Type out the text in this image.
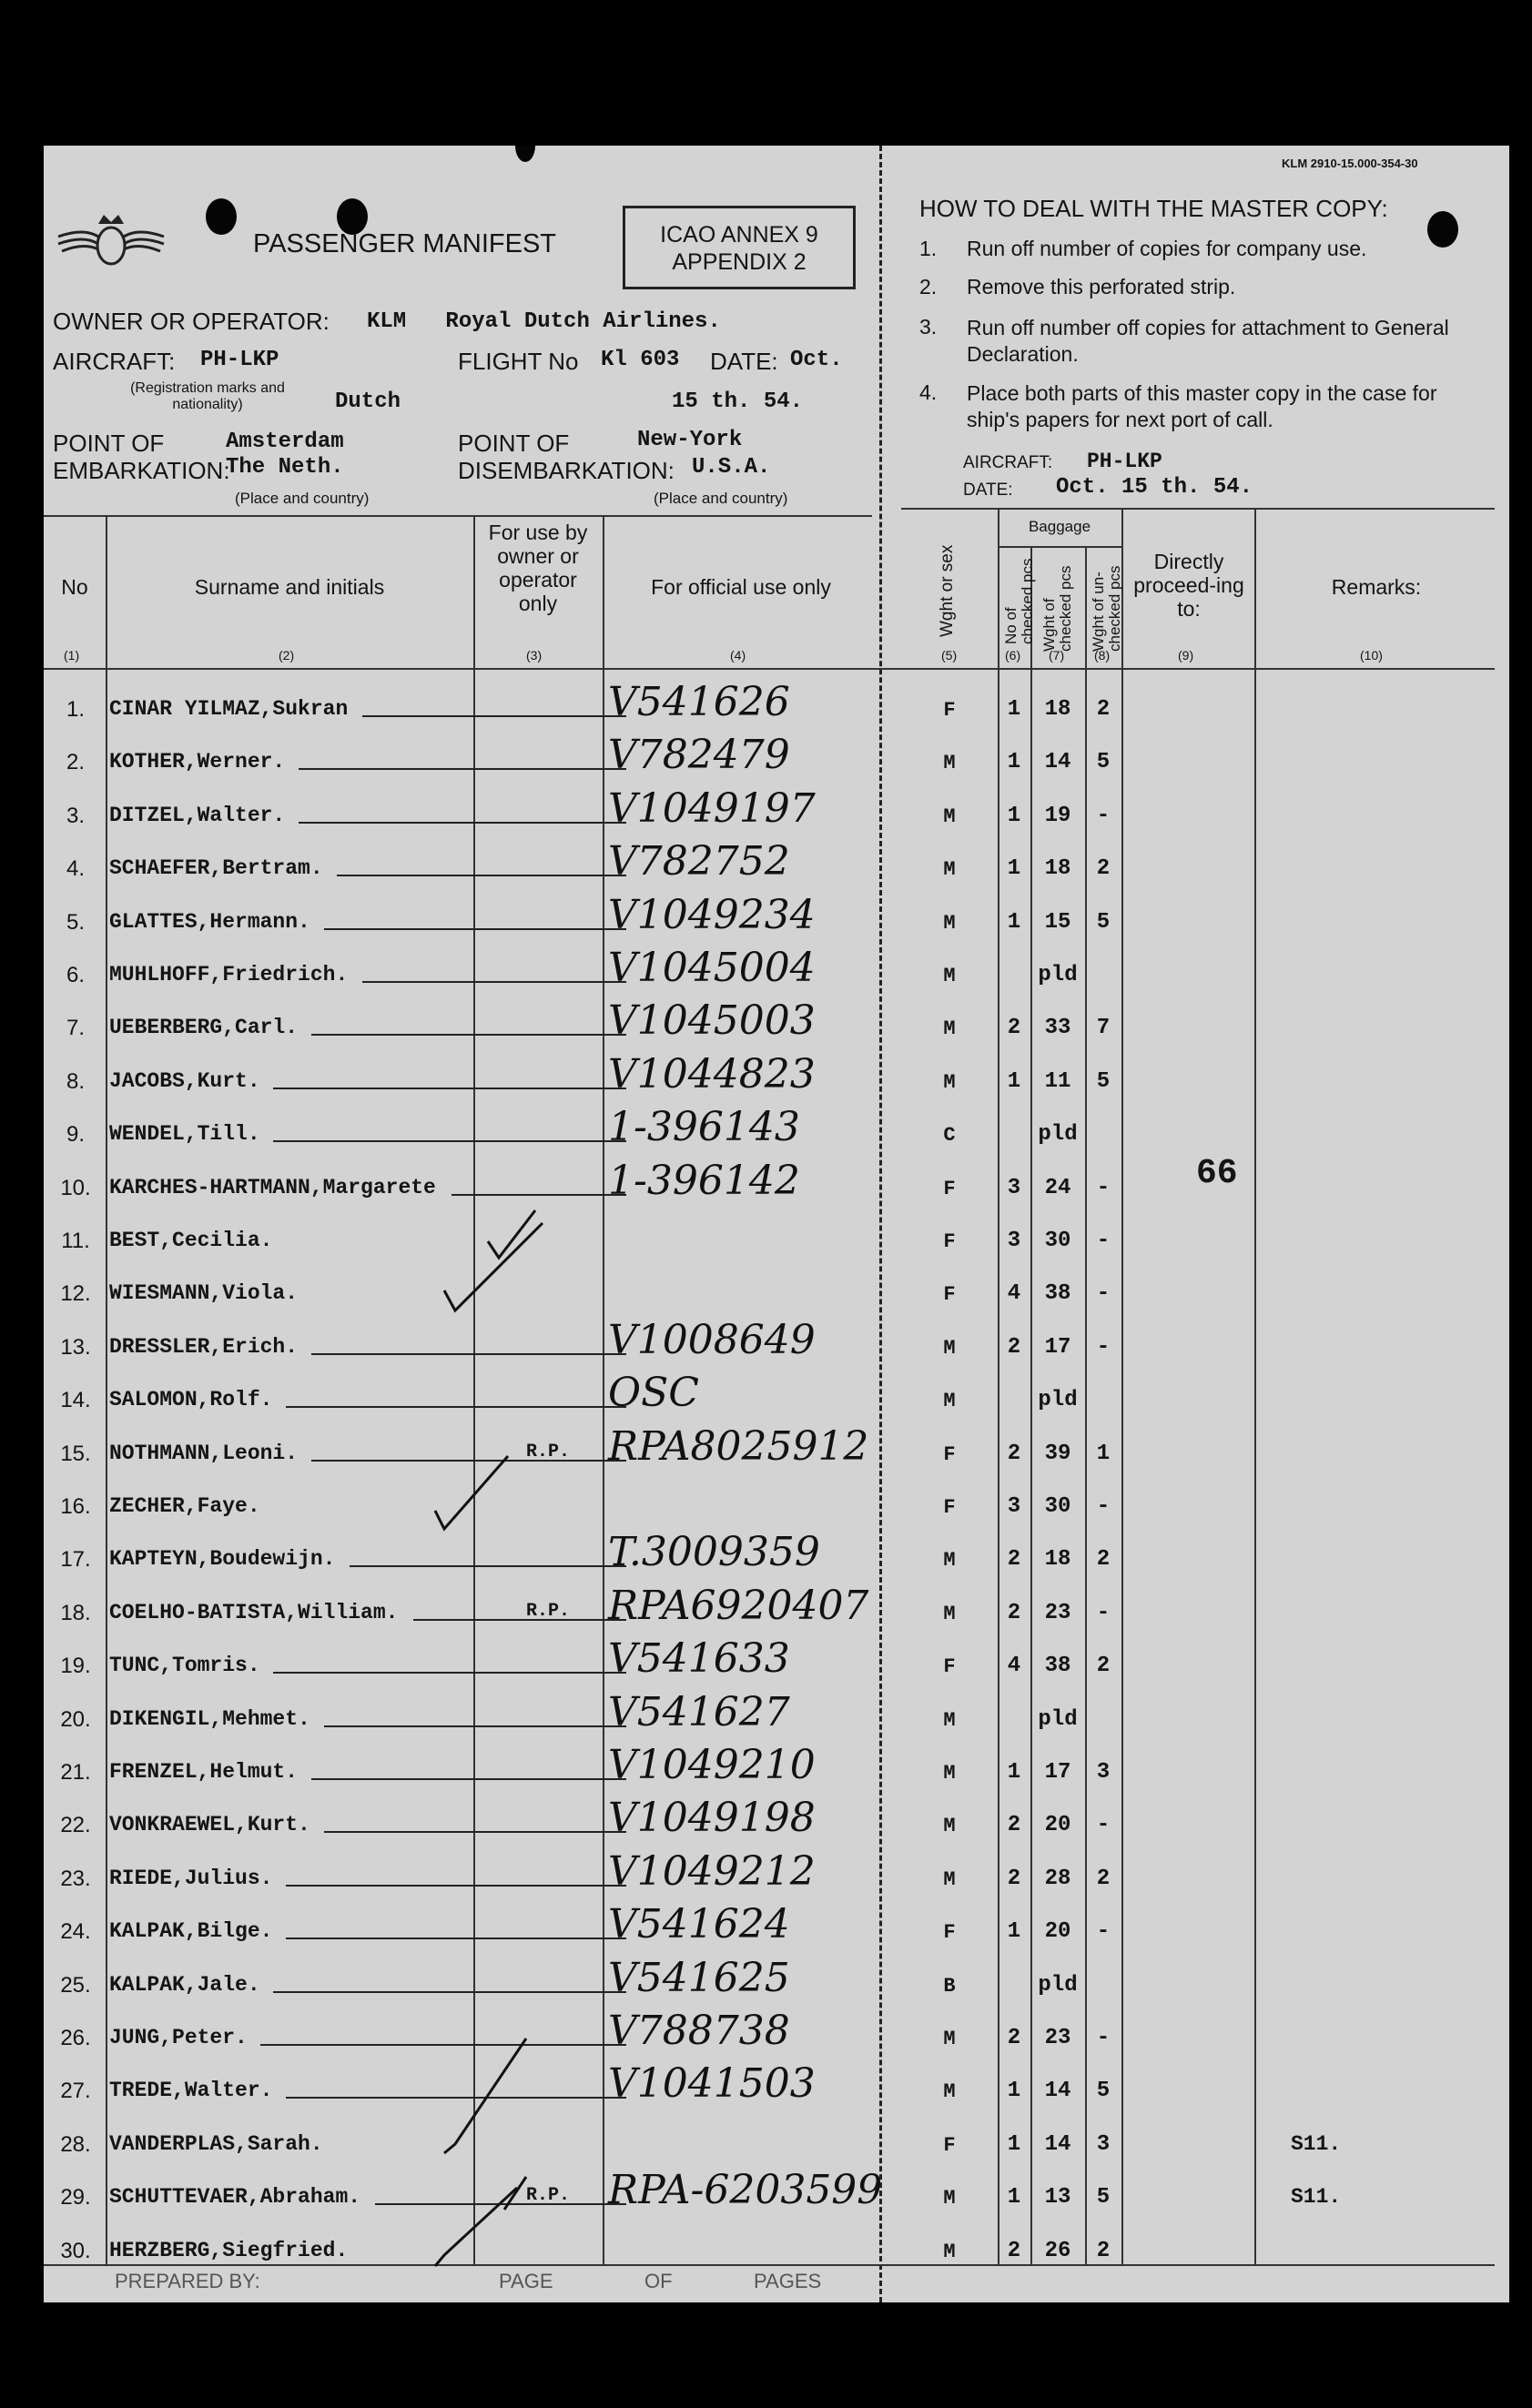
KLM 2910-15.000-354-30
PASSENGER MANIFEST	ICAO ANNEX 9
APPENDIX 2
OWNER OR OPERATOR: KLM   Royal Dutch Airlines.
AIRCRAFT: PH-LKP
(Registration marks and nationality)	Dutch
FLIGHT No Kl 603 DATE: Oct.
15 th. 54.
POINT OF EMBARKATION:
Amsterdam
The Neth.
(Place and country)
POINT OF DISEMBARKATION:
New-York
U.S.A.
(Place and country)
HOW TO DEAL WITH THE MASTER COPY:
1. Run off number of copies for company use.
2. Remove this perforated strip.
3. Run off number off copies for attachment to General Declaration.
4. Place both parts of this master copy in the case for ship's papers for next port of call.
AIRCRAFT: PH-LKP
DATE: Oct. 15 th. 54.
No	Surname and initials
For use by owner or operator only
For official use only	Wght or sex
Baggage
No of checked pcs Wght of checked pcs Wght of un-checked pcs
Directly proceed-ing to:
Remarks:
(1)	(2)	(3)	(4)	(5)	(6) (7) (8)	(9)	(10)
1.	CINAR YILMAZ,Sukran	V541626	F	1	18	2
2.	KOTHER,Werner.	V782479	M	1	14	5
3.	DITZEL,Walter.	V1049197	M	1	19	-
4.	SCHAEFER,Bertram.	V782752	M	1	18	2
5.	GLATTES,Hermann.	V1049234	M	1	15	5
6.	MUHLHOFF,Friedrich.	V1045004	M	pld
7.	UEBERBERG,Carl.	V1045003	M	2	33	7
8.	JACOBS,Kurt.	V1044823	M	1	11	5
9.	WENDEL,Till.	1-396143	C	pld
10. KARCHES-HARTMANN,Margarete	1-396142	F	3	24	-
11. BEST,Cecilia.	F	3	30	-
12. WIESMANN,Viola.	F	4	38	-
13. DRESSLER,Erich.	V1008649	M	2	17	-
14. SALOMON,Rolf.	OSC	M	pld
15. NOTHMANN,Leoni.	R.P. RPA8025912	F	2	39	1
16. ZECHER,Faye.	F	3	30	-
17. KAPTEYN,Boudewijn.	T.3009359	M	2	18	2
18. COELHO-BATISTA,William.	R.P. RPA6920407	M	2	23	-
19. TUNC,Tomris.	V541633	F	4	38	2
20. DIKENGIL,Mehmet.	V541627	M	pld
21. FRENZEL,Helmut.	V1049210	M	1	17	3
22. VONKRAEWEL,Kurt.	V1049198	M	2	20	-
23. RIEDE,Julius.	V1049212	M	2	28	2
24. KALPAK,Bilge.	V541624	F	1	20	-
25. KALPAK,Jale.	V541625	B	pld
26. JUNG,Peter.	V788738	M	2	23	-
27. TREDE,Walter.	V1041503	M	1	14	5
28. VANDERPLAS,Sarah.	F	1	14	3	S11.
29. SCHUTTEVAER,Abraham.	R.P. RPA-6203599	M	1	13	5	S11.
30. HERZBERG,Siegfried.	M	2	26	2
66
PREPARED BY:	PAGE	OF	PAGES
